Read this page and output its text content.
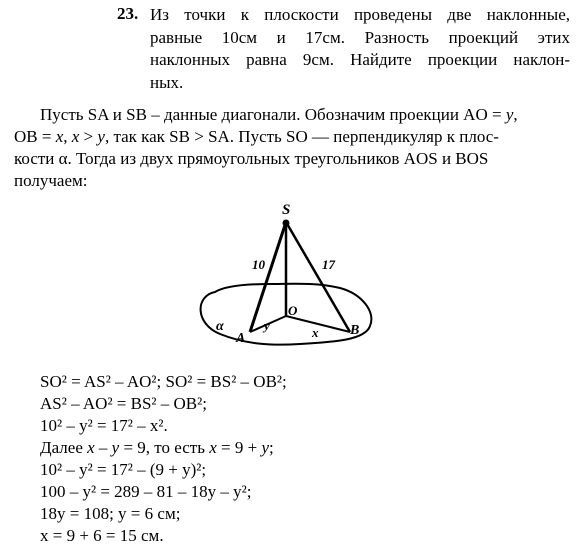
23. Из точки к плоскости проведены две наклонные,
равные 10см и 17см. Разность проекций этих
наклонных равна 9см. Найдите проекции наклон-
ных.
Пусть SA и SB – данные диагонали. Обозначим проекции AO = y,
OB = x, x > y, так как SB > SA. Пусть SO — перпендикуляр к плос-
кости α. Тогда из двух прямоугольных треугольников AOS и BOS
получаем:
S
10	17
O
α	y	x
A
B
SO² = AS² – AO²; SO² = BS² – OB²;
AS² – AO² = BS² – OB²;
10² – y² = 17² – x².
Далее x – y = 9, то есть x = 9 + y;
10² – y² = 17² – (9 + y)²;
100 – y² = 289 – 81 – 18y – y²;
18y = 108; y = 6 см;
x = 9 + 6 = 15 см.
